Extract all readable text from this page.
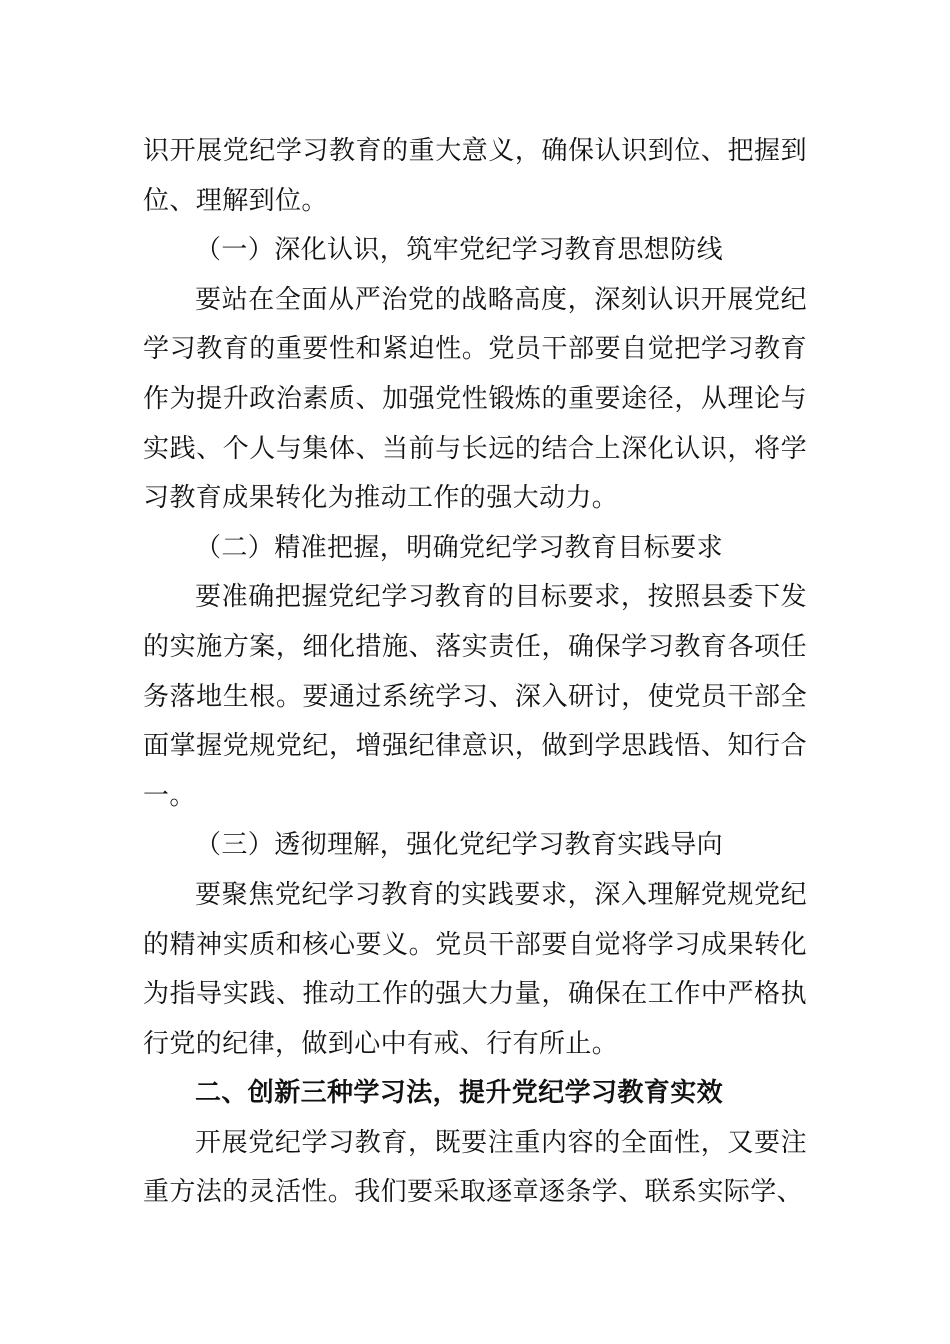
识开展党纪学习教育的重大意义，确保认识到位、把握到位、理解到位。

（一）深化认识，筑牢党纪学习教育思想防线

要站在全面从严治党的战略高度，深刻认识开展党纪学习教育的重要性和紧迫性。党员干部要自觉把学习教育作为提升政治素质、加强党性锻炼的重要途径，从理论与实践、个人与集体、当前与长远的结合上深化认识，将学习教育成果转化为推动工作的强大动力。

（二）精准把握，明确党纪学习教育目标要求

要准确把握党纪学习教育的目标要求，按照县委下发的实施方案，细化措施、落实责任，确保学习教育各项任务落地生根。要通过系统学习、深入研讨，使党员干部全面掌握党规党纪，增强纪律意识，做到学思践悟、知行合一。

（三）透彻理解，强化党纪学习教育实践导向

要聚焦党纪学习教育的实践要求，深入理解党规党纪的精神实质和核心要义。党员干部要自觉将学习成果转化为指导实践、推动工作的强大力量，确保在工作中严格执行党的纪律，做到心中有戒、行有所止。

二、创新三种学习法，提升党纪学习教育实效

开展党纪学习教育，既要注重内容的全面性，又要注重方法的灵活性。我们要采取逐章逐条学、联系实际学、
